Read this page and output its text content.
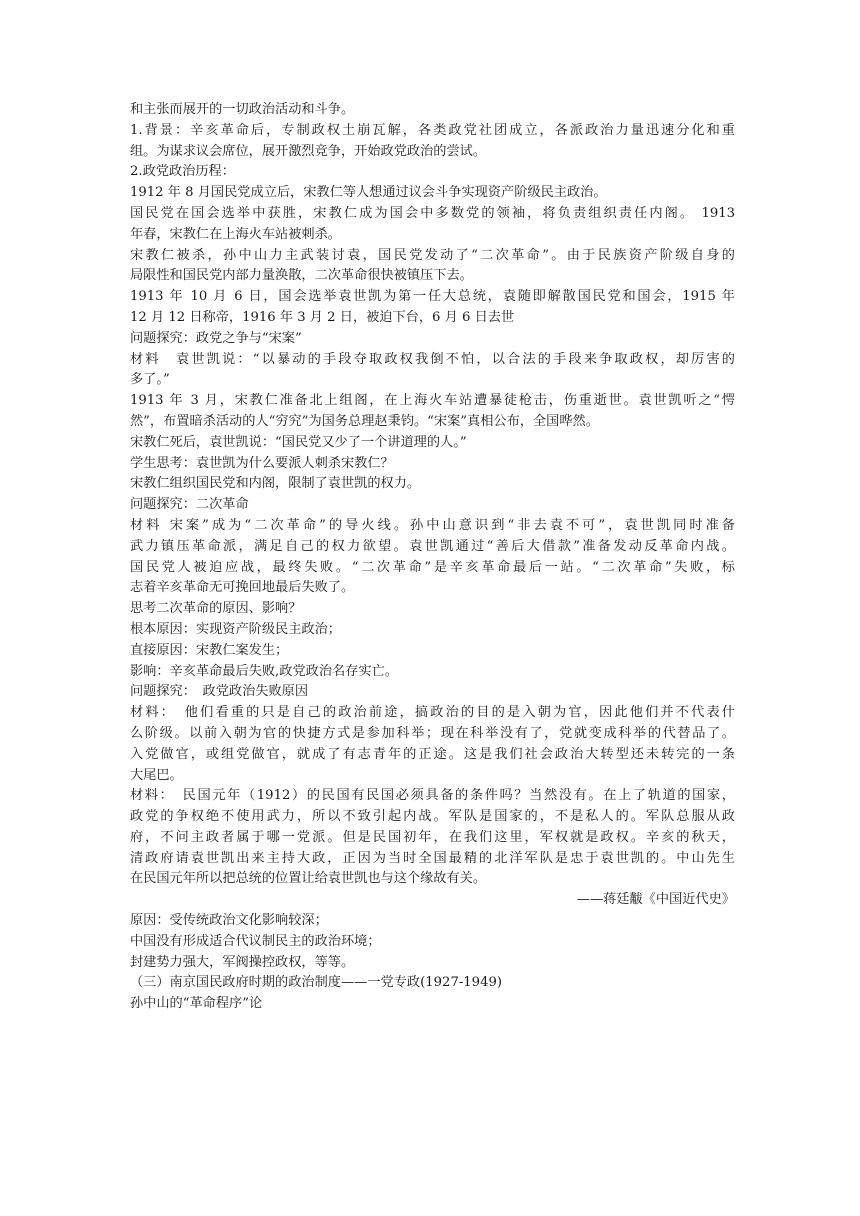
和主张而展开的一切政治活动和斗争。
1.背景：辛亥革命后，专制政权土崩瓦解，各类政党社团成立，各派政治力量迅速分化和重
组。为谋求议会席位，展开激烈竞争，开始政党政治的尝试。
2.政党政治历程：
1912 年 8 月国民党成立后，宋教仁等人想通过议会斗争实现资产阶级民主政治。
国民党在国会选举中获胜，宋教仁成为国会中多数党的领袖，将负责组织责任内阁。 1913
年春，宋教仁在上海火车站被刺杀。
宋教仁被杀，孙中山力主武装讨袁，国民党发动了“二次革命”。由于民族资产阶级自身的
局限性和国民党内部力量涣散，二次革命很快被镇压下去。
1913 年 10 月 6 日，国会选举袁世凯为第一任大总统，袁随即解散国民党和国会，1915 年
12 月 12 日称帝，1916 年 3 月 2 日，被迫下台，6 月 6 日去世
问题探究：政党之争与“宋案”
材料　袁世凯说：“以暴动的手段夺取政权我倒不怕，以合法的手段来争取政权，却厉害的
多了。”
1913 年 3 月，宋教仁准备北上组阁，在上海火车站遭暴徒枪击，伤重逝世。袁世凯听之“愕
然”，布置暗杀活动的人“穷究”为国务总理赵秉钧。“宋案”真相公布，全国哗然。
宋教仁死后，袁世凯说：“国民党又少了一个讲道理的人。”
学生思考：袁世凯为什么要派人刺杀宋教仁？
宋教仁组织国民党和内阁，限制了袁世凯的权力。
问题探究：二次革命
材料 宋案”成为“二次革命”的导火线。孙中山意识到“非去袁不可”，袁世凯同时准备
武力镇压革命派，满足自己的权力欲望。袁世凯通过“善后大借款”准备发动反革命内战。
国民党人被迫应战，最终失败。“二次革命”是辛亥革命最后一站。“二次革命”失败，标
志着辛亥革命无可挽回地最后失败了。
思考二次革命的原因、影响？
根本原因：实现资产阶级民主政治；
直接原因：宋教仁案发生；
影响：辛亥革命最后失败,政党政治名存实亡。
问题探究：　政党政治失败原因
材料：　他们看重的只是自己的政治前途，搞政治的目的是入朝为官，因此他们并不代表什
么阶级。以前入朝为官的快捷方式是参加科举；现在科举没有了，党就变成科举的代替品了。
入党做官，或组党做官，就成了有志青年的正途。这是我们社会政治大转型还未转完的一条
大尾巴。
材料：　民国元年（1912）的民国有民国必须具备的条件吗？当然没有。在上了轨道的国家，
政党的争权绝不使用武力，所以不致引起内战。军队是国家的，不是私人的。军队总服从政
府，不问主政者属于哪一党派。但是民国初年，在我们这里，军权就是政权。辛亥的秋天，
清政府请袁世凯出来主持大政，正因为当时全国最精的北洋军队是忠于袁世凯的。中山先生
在民国元年所以把总统的位置让给袁世凯也与这个缘故有关。
——蒋廷黻《中国近代史》
原因：受传统政治文化影响较深；
中国没有形成适合代议制民主的政治环境；
封建势力强大，军阀操控政权，等等。
（三）南京国民政府时期的政治制度——一党专政(1927-1949)
孙中山的“革命程序”论
